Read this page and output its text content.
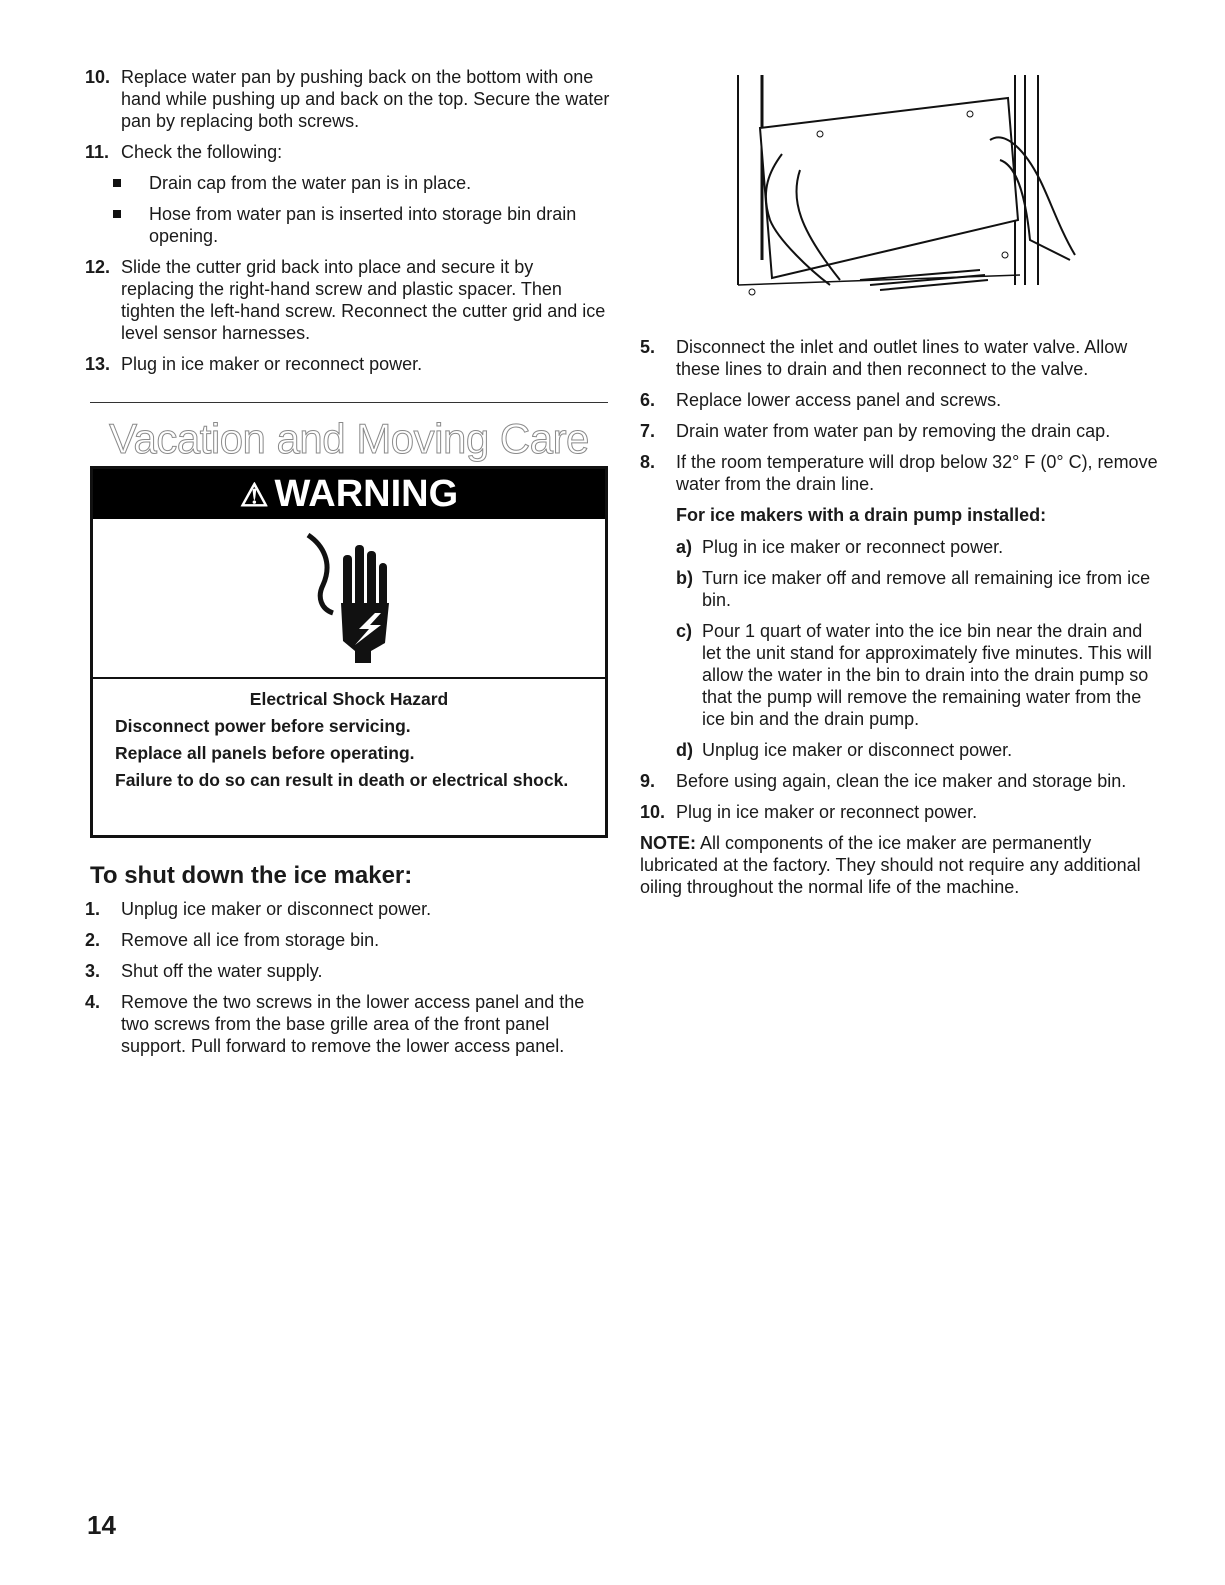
10. Replace water pan by pushing back on the bottom with one hand while pushing up and back on the top. Secure the water pan by replacing both screws.
11. Check the following:
Drain cap from the water pan is in place.
Hose from water pan is inserted into storage bin drain opening.
12. Slide the cutter grid back into place and secure it by replacing the right-hand screw and plastic spacer. Then tighten the left-hand screw. Reconnect the cutter grid and ice level sensor harnesses.
13. Plug in ice maker or reconnect power.
Vacation and Moving Care
⚠ WARNING
Electrical Shock Hazard

Disconnect power before servicing.

Replace all panels before operating.

Failure to do so can result in death or electrical shock.

To shut down the ice maker:
1. Unplug ice maker or disconnect power.
2. Remove all ice from storage bin.
3. Shut off the water supply.
4. Remove the two screws in the lower access panel and the two screws from the base grille area of the front panel support. Pull forward to remove the lower access panel.
5. Disconnect the inlet and outlet lines to water valve. Allow these lines to drain and then reconnect to the valve.
6. Replace lower access panel and screws.
7. Drain water from water pan by removing the drain cap.
8. If the room temperature will drop below 32° F (0° C), remove water from the drain line.
For ice makers with a drain pump installed:
a) Plug in ice maker or reconnect power.
b) Turn ice maker off and remove all remaining ice from ice bin.
c) Pour 1 quart of water into the ice bin near the drain and let the unit stand for approximately five minutes. This will allow the water in the bin to drain into the drain pump so that the pump will remove the remaining water from the ice bin and the drain pump.
d) Unplug ice maker or disconnect power.
9. Before using again, clean the ice maker and storage bin.
10. Plug in ice maker or reconnect power.

NOTE: All components of the ice maker are permanently lubricated at the factory. They should not require any additional oiling throughout the normal life of the machine.

14
